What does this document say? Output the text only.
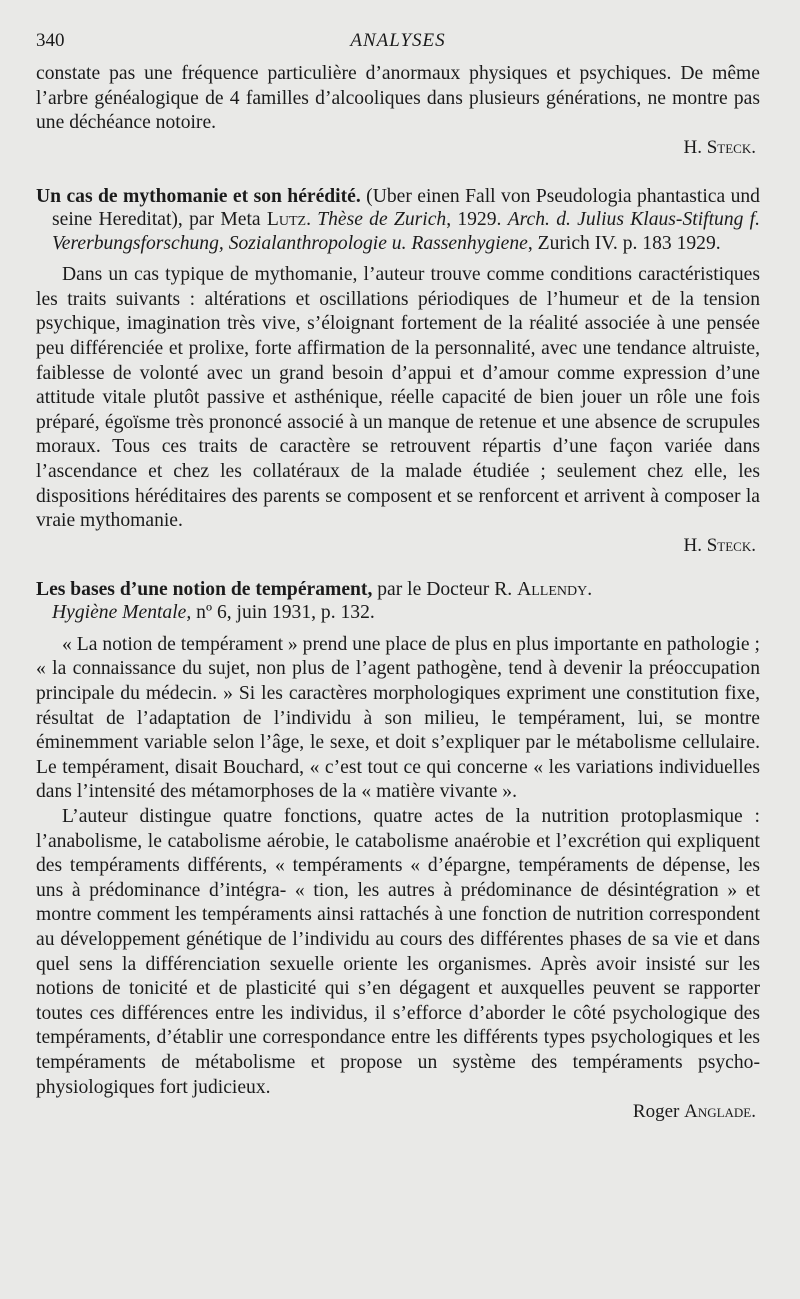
340	ANALYSES

constate pas une fréquence particulière d’anormaux physiques et psychiques. De même l’arbre généalogique de 4 familles d’alcooliques dans plusieurs générations, ne montre pas une déchéance notoire.

H. Steck.

Un cas de mythomanie et son hérédité. (Uber einen Fall von Pseudologia phantastica und seine Hereditat), par Meta Lutz. Thèse de Zurich, 1929. Arch. d. Julius Klaus-Stiftung f. Vererbungsforschung, Sozialanthropologie u. Rassenhygiene, Zurich IV. p. 183 1929.

Dans un cas typique de mythomanie, l’auteur trouve comme conditions caractéristiques les traits suivants : altérations et oscillations périodiques de l’humeur et de la tension psychique, imagination très vive, s’éloignant fortement de la réalité associée à une pensée peu différenciée et prolixe, forte affirmation de la personnalité, avec une tendance altruiste, faiblesse de volonté avec un grand besoin d’appui et d’amour comme expression d’une attitude vitale plutôt passive et asthénique, réelle capacité de bien jouer un rôle une fois préparé, égoïsme très prononcé associé à un manque de retenue et une absence de scrupules moraux. Tous ces traits de caractère se retrouvent répartis d’une façon variée dans l’ascendance et chez les collatéraux de la malade étudiée ; seulement chez elle, les dispositions héréditaires des parents se composent et se renforcent et arrivent à composer la vraie mythomanie.

H. Steck.

Les bases d’une notion de tempérament, par le Docteur R. Allendy.
Hygiène Mentale, nº 6, juin 1931, p. 132.

« La notion de tempérament » prend une place de plus en plus importante en pathologie ; « la connaissance du sujet, non plus de l’agent pathogène, tend à devenir la préoccupation principale du médecin. » Si les caractères morphologiques expriment une constitution fixe, résultat de l’adaptation de l’individu à son milieu, le tempérament, lui, se montre éminemment variable selon l’âge, le sexe, et doit s’expliquer par le métabolisme cellulaire. Le tempérament, disait Bouchard, « c’est tout ce qui concerne « les variations individuelles dans l’intensité des métamorphoses de la « matière vivante ».

L’auteur distingue quatre fonctions, quatre actes de la nutrition protoplasmique : l’anabolisme, le catabolisme aérobie, le catabolisme anaérobie et l’excrétion qui expliquent des tempéraments différents, « tempéraments « d’épargne, tempéraments de dépense, les uns à prédominance d’intégra- « tion, les autres à prédominance de désintégration » et montre comment les tempéraments ainsi rattachés à une fonction de nutrition correspondent au développement génétique de l’individu au cours des différentes phases de sa vie et dans quel sens la différenciation sexuelle oriente les organismes. Après avoir insisté sur les notions de tonicité et de plasticité qui s’en dégagent et auxquelles peuvent se rapporter toutes ces différences entre les individus, il s’efforce d’aborder le côté psychologique des tempéraments, d’établir une correspondance entre les différents types psychologiques et les tempéraments de métabolisme et propose un système des tempéraments psycho-physiologiques fort judicieux.

Roger Anglade.
